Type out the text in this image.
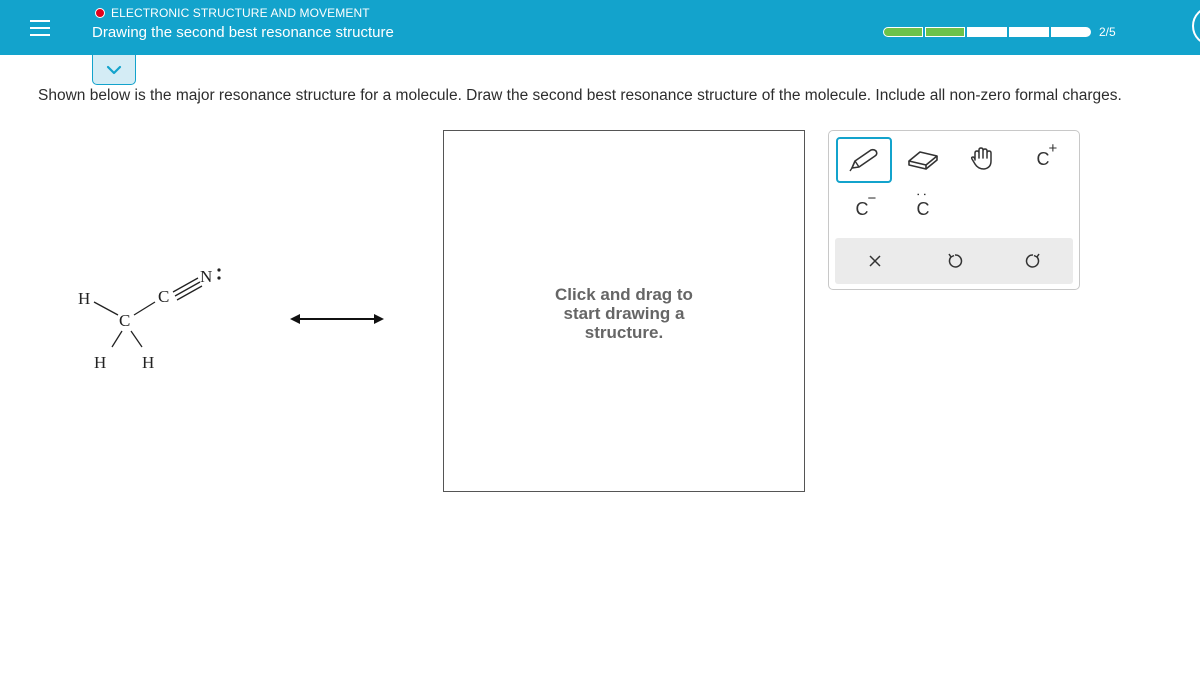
ELECTRONIC STRUCTURE AND MOVEMENT
Drawing the second best resonance structure	2/5
Shown below is the major resonance structure for a molecule. Draw the second best resonance structure of the molecule. Include all non-zero formal charges.
H
C
C
N
H H
Click and drag to
start drawing a
structure.
C
+
C
−
C
:
